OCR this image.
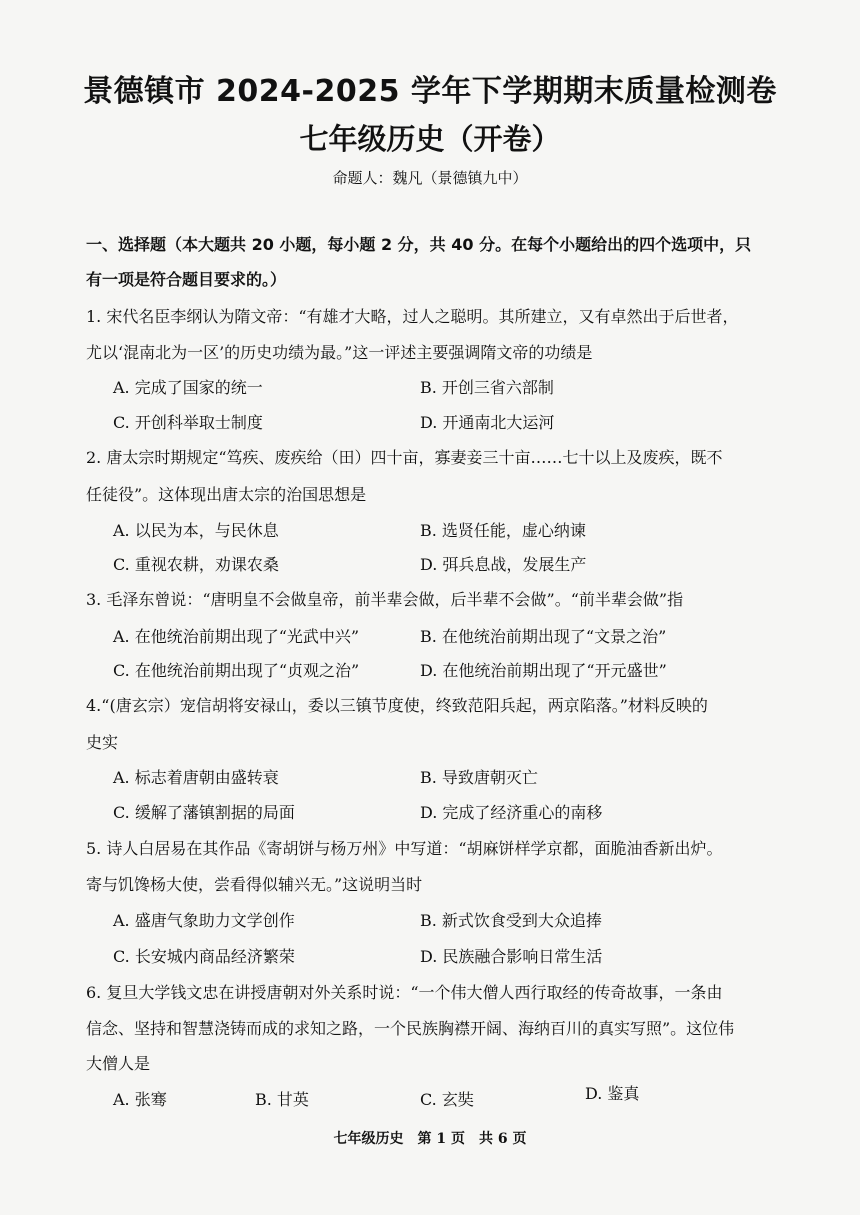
景德镇市 2024-2025 学年下学期期末质量检测卷
七年级历史（开卷）
命题人：魏凡（景德镇九中）
一、选择题（本大题共 20 小题，每小题 2 分，共 40 分。在每个小题给出的四个选项中，只
有一项是符合题目要求的。）
1. 宋代名臣李纲认为隋文帝：“有雄才大略，过人之聪明。其所建立，又有卓然出于后世者，
尤以‘混南北为一区’的历史功绩为最。”这一评述主要强调隋文帝的功绩是
A. 完成了国家的统一	B. 开创三省六部制
C. 开创科举取士制度	D. 开通南北大运河
2. 唐太宗时期规定“笃疾、废疾给（田）四十亩，寡妻妾三十亩……七十以上及废疾，既不
任徒役”。这体现出唐太宗的治国思想是
A. 以民为本，与民休息	B. 选贤任能，虚心纳谏
C. 重视农耕，劝课农桑	D. 弭兵息战，发展生产
3. 毛泽东曾说：“唐明皇不会做皇帝，前半辈会做，后半辈不会做”。“前半辈会做”指
A. 在他统治前期出现了“光武中兴”	B. 在他统治前期出现了“文景之治”
C. 在他统治前期出现了“贞观之治”	D. 在他统治前期出现了“开元盛世”
4.“(唐玄宗）宠信胡将安禄山，委以三镇节度使，终致范阳兵起，两京陷落。”材料反映的
史实
A. 标志着唐朝由盛转衰	B. 导致唐朝灭亡
C. 缓解了藩镇割据的局面	D. 完成了经济重心的南移
5. 诗人白居易在其作品《寄胡饼与杨万州》中写道：“胡麻饼样学京都，面脆油香新出炉。
寄与饥馋杨大使，尝看得似辅兴无。”这说明当时
A. 盛唐气象助力文学创作	B. 新式饮食受到大众追捧
C. 长安城内商品经济繁荣	D. 民族融合影响日常生活
6. 复旦大学钱文忠在讲授唐朝对外关系时说：“一个伟大僧人西行取经的传奇故事，一条由
信念、坚持和智慧浇铸而成的求知之路，一个民族胸襟开阔、海纳百川的真实写照”。这位伟
大僧人是
A. 张骞	B. 甘英	C. 玄奘	D. 鉴真
七年级历史　第 1 页　共 6 页
